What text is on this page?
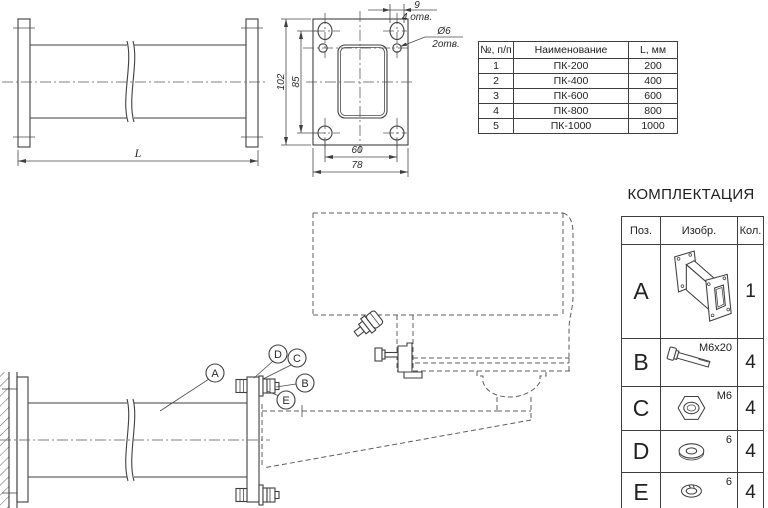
L
102 85
9
4 отв.
Ø6
2отв.
60
78
A
D C
B
E
№, п/п	Наименование	L, мм
1	ПК-200	200
2	ПК-400	400
3	ПК-600	600
4	ПК-800	800
5	ПК-1000	1000
КОМПЛЕКТАЦИЯ
Поз.	Изобр.	Кол.
A		1
B	M6x20	4
C	M6	4
D	6	4
E	6	4
